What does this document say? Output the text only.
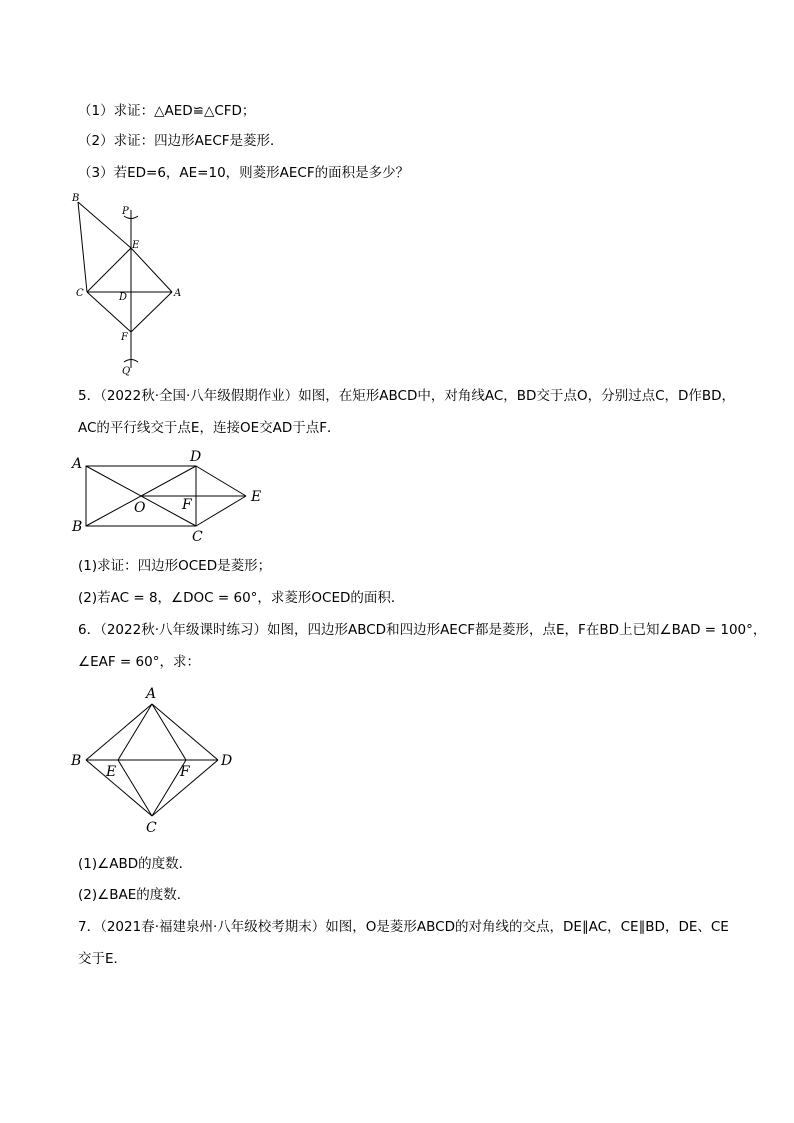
（1）求证：△AED≌△CFD；
（2）求证：四边形AECF是菱形．
（3）若ED=6，AE=10，则菱形AECF的面积是多少？
B
P
E
C	D	A
F
Q
5．（2022秋·全国·八年级假期作业）如图，在矩形ABCD中，对角线AC，BD交于点O，分别过点C，D作BD，
AC的平行线交于点E，连接OE交AD于点F．
A	D
E
O	F
B
C
(1)求证：四边形OCED是菱形；
(2)若AC = 8，∠DOC = 60°，求菱形OCED的面积．
6．（2022秋·八年级课时练习）如图，四边形ABCD和四边形AECF都是菱形，点E，F在BD上已知∠BAD = 100°，
∠EAF = 60°，求：
A
B
E	F
D
C
(1)∠ABD的度数．
(2)∠BAE的度数．
7．（2021春·福建泉州·八年级校考期末）如图，O是菱形ABCD的对角线的交点，DE∥AC，CE∥BD，DE、CE
交于E．
